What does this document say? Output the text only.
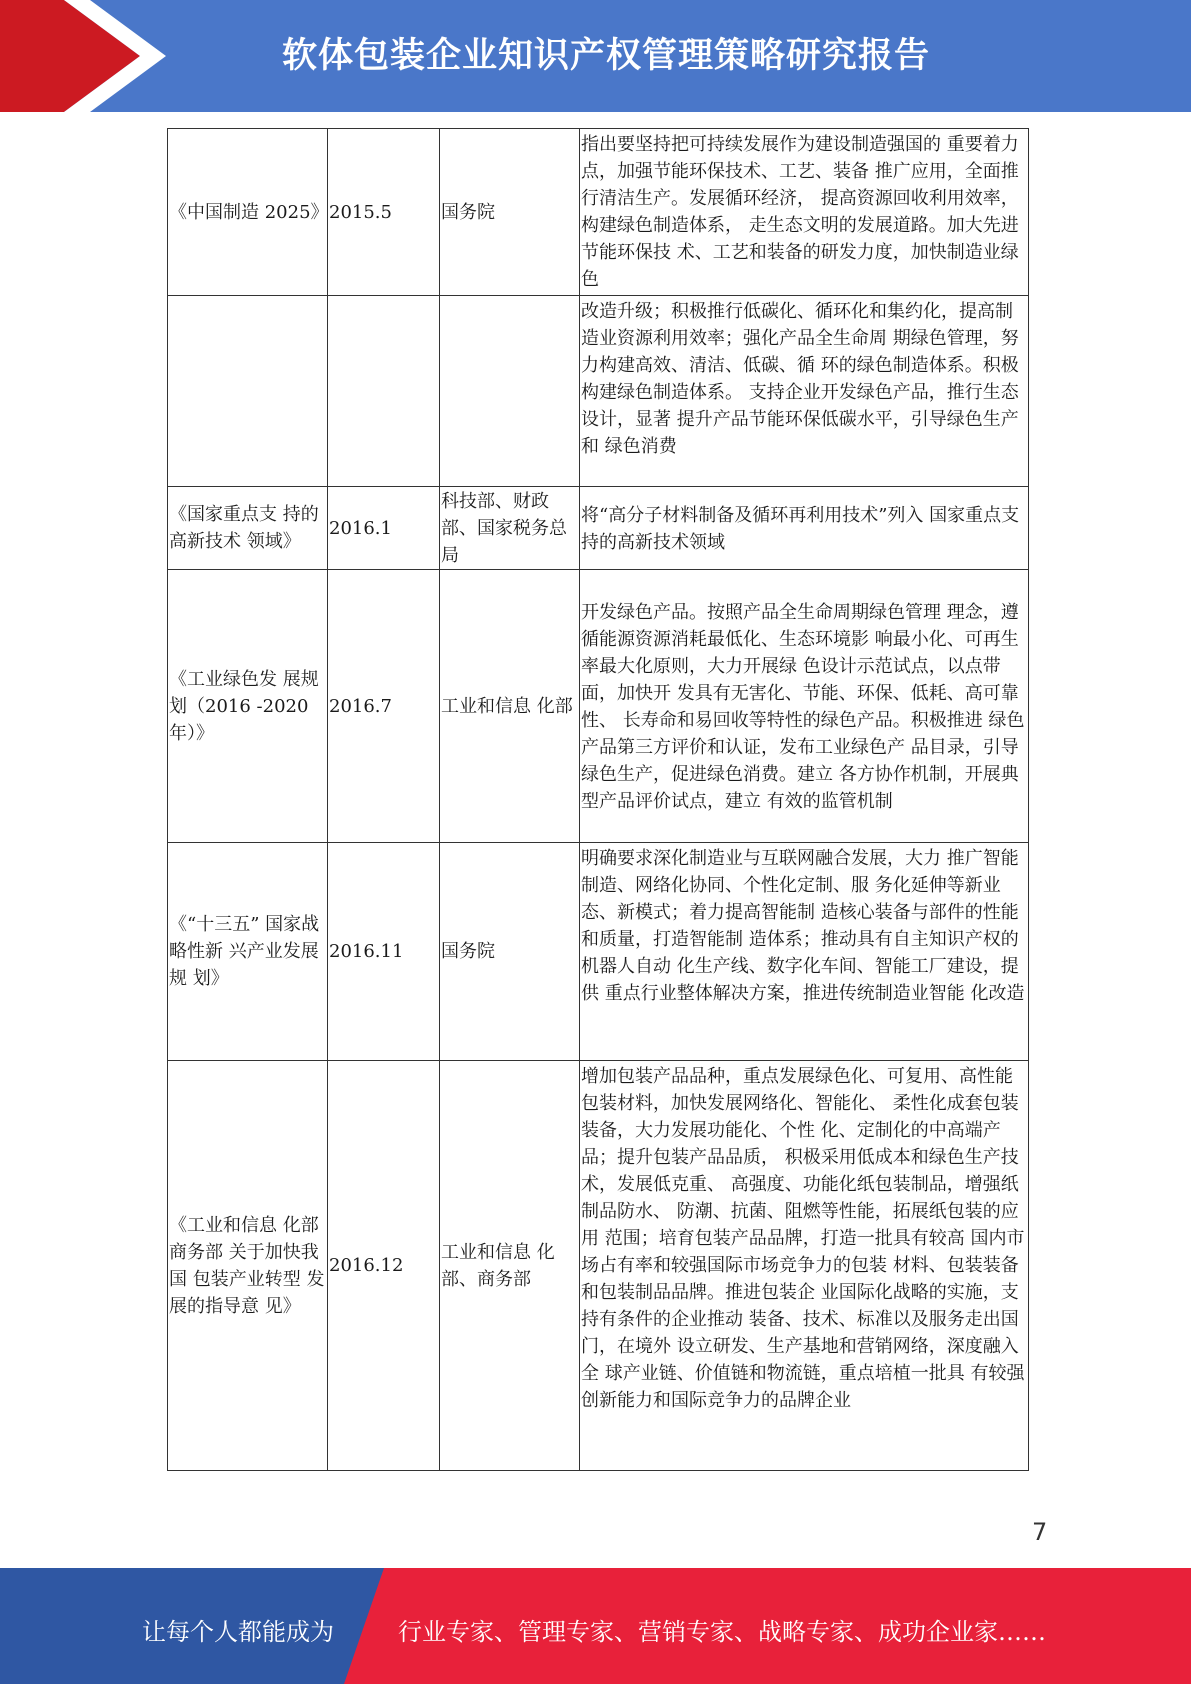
软体包装企业知识产权管理策略研究报告
《中国制造 2025》	2015.5	国务院	指出要坚持把可持续发展作为建设制造强国的 重要着力点，加强节能环保技术、工艺、装备 推广应用，全面推行清洁生产。发展循环经济， 提高资源回收利用效率，构建绿色制造体系， 走生态文明的发展道路。加大先进节能环保技 术、工艺和装备的研发力度，加快制造业绿色
			改造升级；积极推行低碳化、循环化和集约化，提高制造业资源利用效率；强化产品全生命周 期绿色管理，努力构建高效、清洁、低碳、循 环的绿色制造体系。积极构建绿色制造体系。 支持企业开发绿色产品，推行生态设计，显著 提升产品节能环保低碳水平，引导绿色生产和 绿色消费
《国家重点支 持的高新技术 领域》	2016.1	科技部、财政部、国家税务总局	将“高分子材料制备及循环再利用技术”列入 国家重点支持的高新技术领域
《工业绿色发 展规划（2016 -2020年）》	2016.7	工业和信息 化部	开发绿色产品。按照产品全生命周期绿色管理 理念，遵循能源资源消耗最低化、生态环境影 响最小化、可再生率最大化原则，大力开展绿 色设计示范试点，以点带面，加快开 发具有无害化、节能、环保、低耗、高可靠性、 长寿命和易回收等特性的绿色产品。积极推进 绿色产品第三方评价和认证，发布工业绿色产 品目录，引导绿色生产，促进绿色消费。建立 各方协作机制，开展典型产品评价试点，建立 有效的监管机制
《“十三五” 国家战略性新 兴产业发展规 划》	2016.11	国务院	明确要求深化制造业与互联网融合发展，大力 推广智能制造、网络化协同、个性化定制、服 务化延伸等新业态、新模式；着力提高智能制 造核心装备与部件的性能和质量，打造智能制 造体系；推动具有自主知识产权的机器人自动 化生产线、数字化车间、智能工厂建设，提供 重点行业整体解决方案，推进传统制造业智能 化改造
《工业和信息 化部商务部 关于加快我国 包装产业转型 发展的指导意 见》	2016.12	工业和信息 化部、商务部	增加包装产品品种，重点发展绿色化、可复用、高性能包装材料，加快发展网络化、智能化、 柔性化成套包装装备，大力发展功能化、个性 化、定制化的中高端产品；提升包装产品品质， 积极采用低成本和绿色生产技术，发展低克重、 高强度、功能化纸包装制品，增强纸制品防水、 防潮、抗菌、阻燃等性能，拓展纸包装的应用 范围；培育包装产品品牌，打造一批具有较高 国内市场占有率和较强国际市场竞争力的包装 材料、包装装备和包装制品品牌。推进包装企 业国际化战略的实施，支持有条件的企业推动 装备、技术、标准以及服务走出国门，在境外 设立研发、生产基地和营销网络，深度融入全 球产业链、价值链和物流链，重点培植一批具 有较强创新能力和国际竞争力的品牌企业
7
让每个人都能成为	行业专家、管理专家、营销专家、战略专家、成功企业家……
